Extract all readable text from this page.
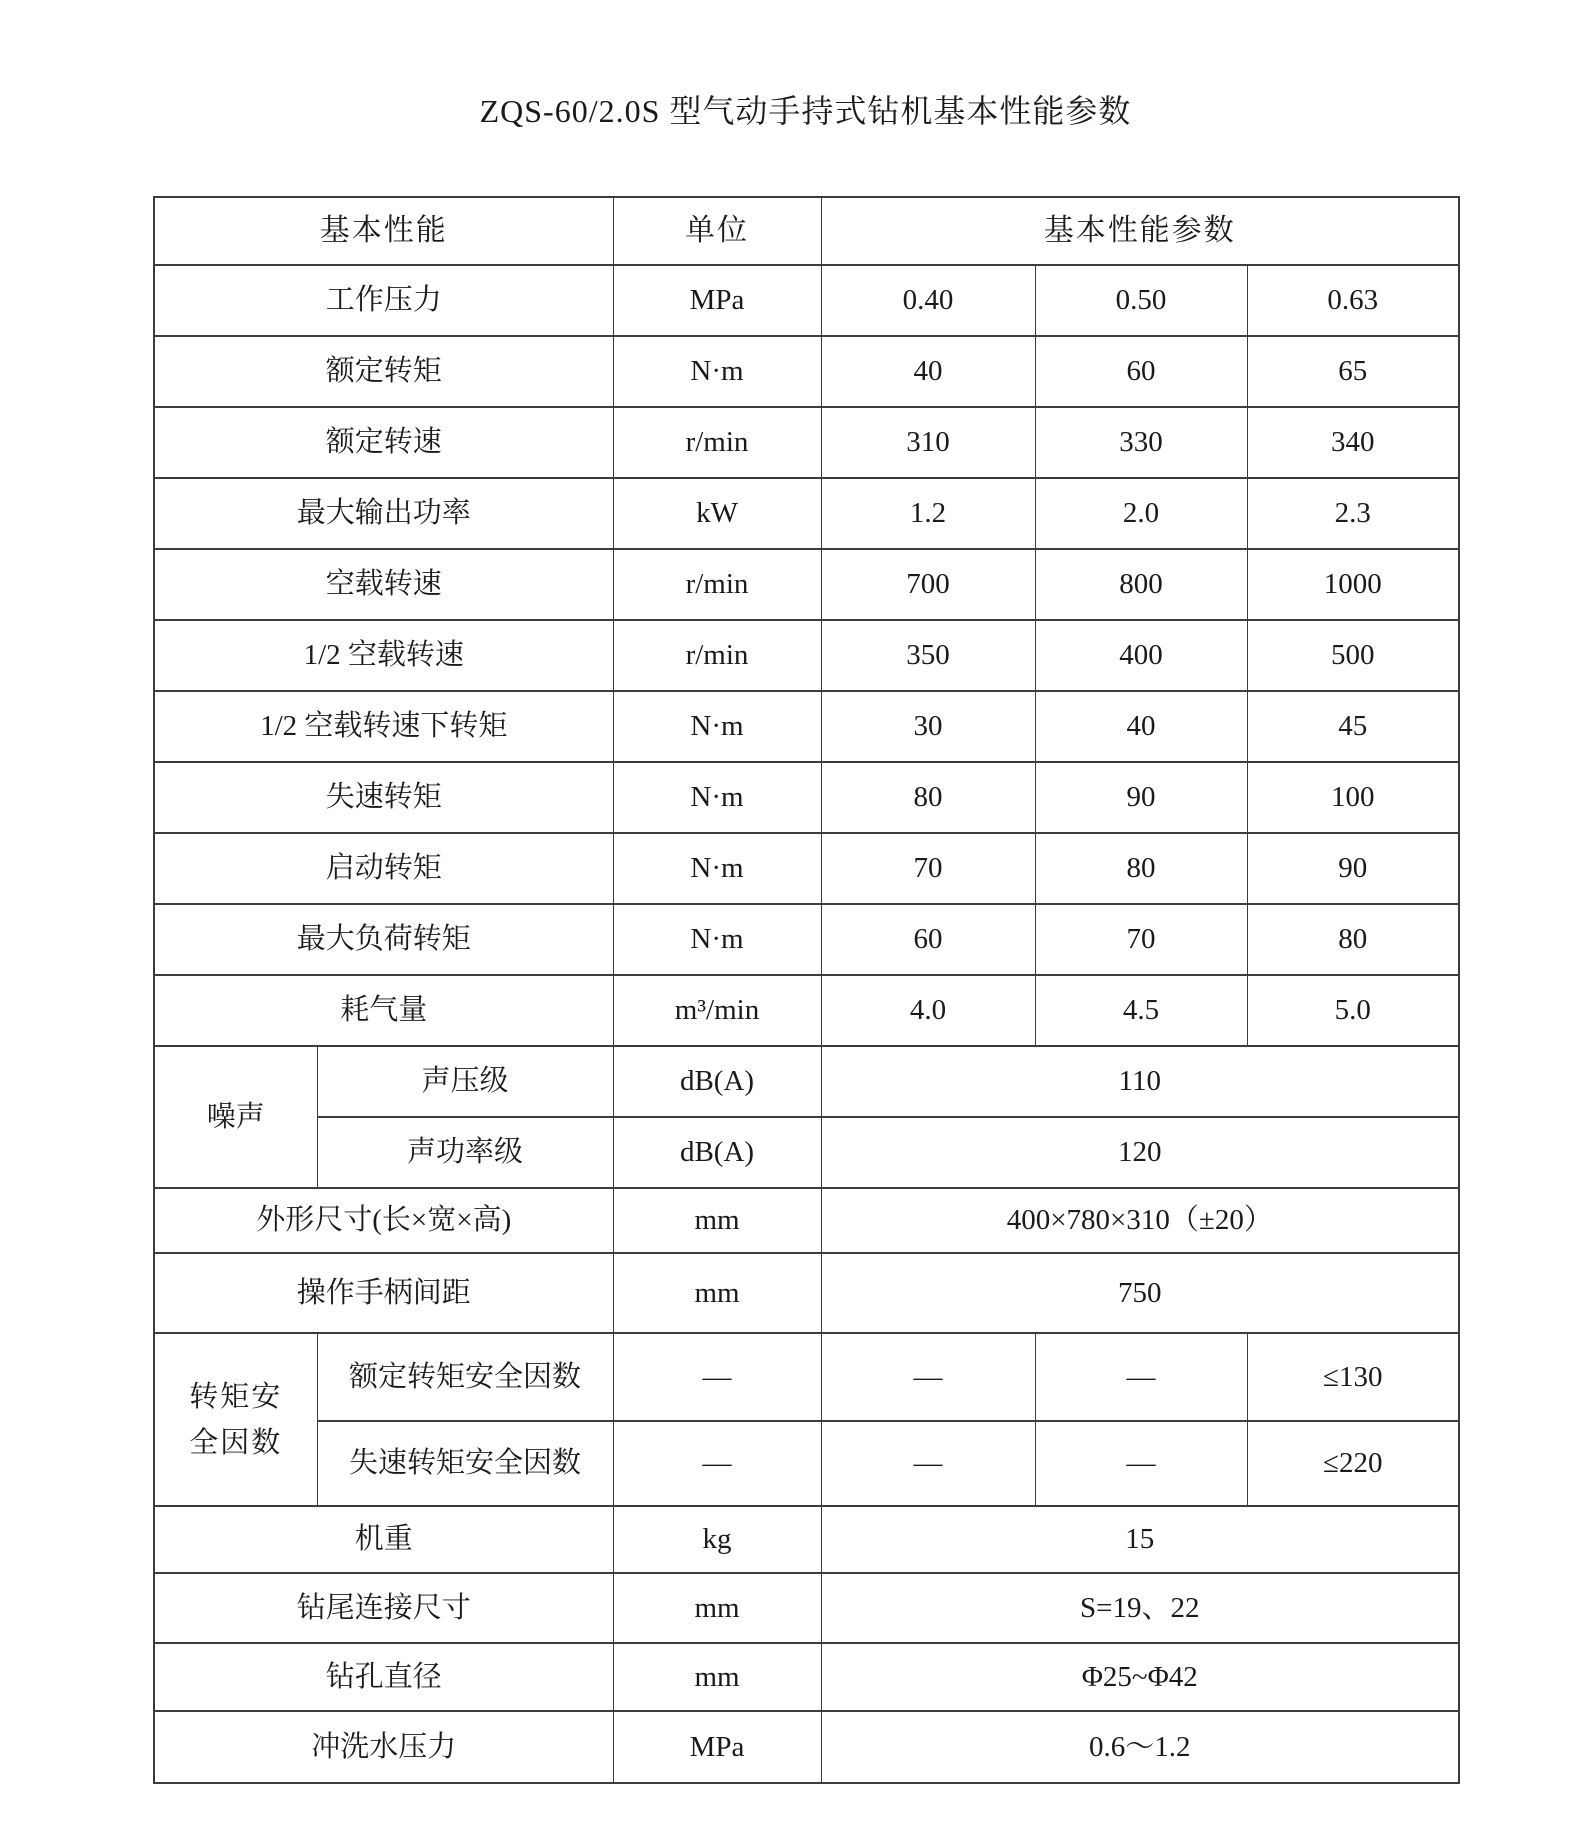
ZQS-60/2.0S 型气动手持式钻机基本性能参数
基本性能		单位	基本性能参数		
工作压力		MPa	0.40	0.50	0.63
额定转矩		N·m	40	60	65
额定转速		r/min	310	330	340
最大输出功率		kW	1.2	2.0	2.3
空载转速		r/min	700	800	1000
1/2 空载转速		r/min	350	400	500
1/2 空载转速下转矩		N·m	30	40	45
失速转矩		N·m	80	90	100
启动转矩		N·m	70	80	90
最大负荷转矩		N·m	60	70	80
耗气量		m³/min	4.0	4.5	5.0
噪声	声压级	dB(A)	110		
	声功率级	dB(A)	120		
外形尺寸(长×宽×高)		mm	400×780×310（±20）		
操作手柄间距		mm	750		

转矩安全因数	额定转矩安全因数	—	—	—	≤130
	失速转矩安全因数	—	—	—	≤220
机重		kg	15		
钻尾连接尺寸		mm	S=19、22		
钻孔直径		mm	Φ25~Φ42		
冲洗水压力		MPa	0.6～1.2		
